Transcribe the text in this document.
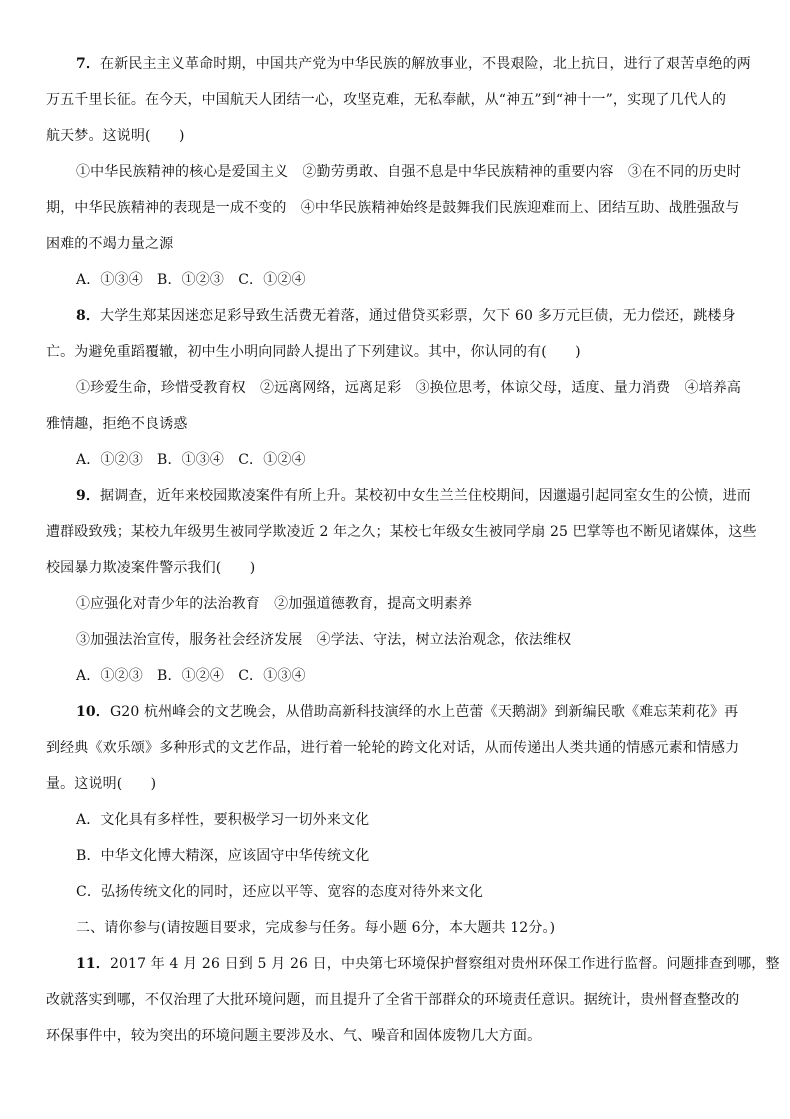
7．在新民主主义革命时期，中国共产党为中华民族的解放事业，不畏艰险，北上抗日，进行了艰苦卓绝的两
万五千里长征。在今天，中国航天人团结一心，攻坚克难，无私奉献，从“神五”到“神十一”，实现了几代人的
航天梦。这说明(　　)
①中华民族精神的核心是爱国主义　②勤劳勇敢、自强不息是中华民族精神的重要内容　③在不同的历史时
期，中华民族精神的表现是一成不变的　④中华民族精神始终是鼓舞我们民族迎难而上、团结互助、战胜强敌与
困难的不竭力量之源
A．①③④　B．①②③　C．①②④
8．大学生郑某因迷恋足彩导致生活费无着落，通过借贷买彩票，欠下 60 多万元巨债，无力偿还，跳楼身
亡。为避免重蹈覆辙，初中生小明向同龄人提出了下列建议。其中，你认同的有(　　)
①珍爱生命，珍惜受教育权　②远离网络，远离足彩　③换位思考，体谅父母，适度、量力消费　④培养高
雅情趣，拒绝不良诱惑
A．①②③　B．①③④　C．①②④
9．据调查，近年来校园欺凌案件有所上升。某校初中女生兰兰住校期间，因邋遢引起同室女生的公愤，进而
遭群殴致残；某校九年级男生被同学欺凌近 2 年之久；某校七年级女生被同学扇 25 巴掌等也不断见诸媒体，这些
校园暴力欺凌案件警示我们(　　)
①应强化对青少年的法治教育　②加强道德教育，提高文明素养
③加强法治宣传，服务社会经济发展　④学法、守法，树立法治观念，依法维权
A．①②③　B．①②④　C．①③④
10．G20 杭州峰会的文艺晚会，从借助高新科技演绎的水上芭蕾《天鹅湖》到新编民歌《难忘茉莉花》再
到经典《欢乐颂》多种形式的文艺作品，进行着一轮轮的跨文化对话，从而传递出人类共通的情感元素和情感力
量。这说明(　　)
A．文化具有多样性，要积极学习一切外来文化
B．中华文化博大精深，应该固守中华传统文化
C．弘扬传统文化的同时，还应以平等、宽容的态度对待外来文化
二、请你参与(请按题目要求，完成参与任务。每小题 6分，本大题共 12分。)
11．2017 年 4 月 26 日到 5 月 26 日，中央第七环境保护督察组对贵州环保工作进行监督。问题排查到哪，整
改就落实到哪，不仅治理了大批环境问题，而且提升了全省干部群众的环境责任意识。据统计，贵州督查整改的
环保事件中，较为突出的环境问题主要涉及水、气、噪音和固体废物几大方面。
